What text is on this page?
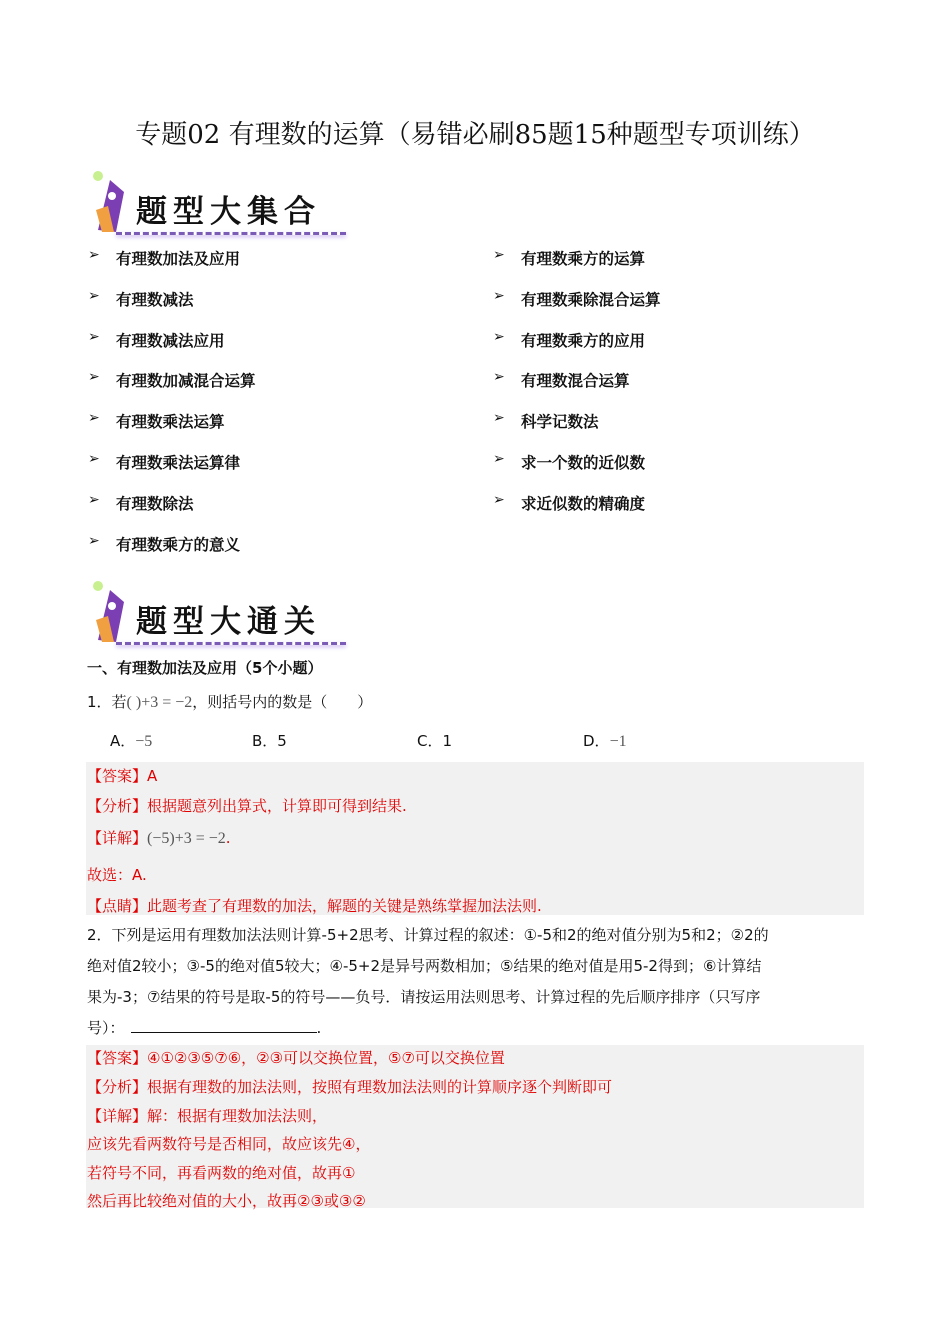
专题02 有理数的运算（易错必刷85题15种题型专项训练）
题型大集合
➢ 有理数加法及应用
➢ 有理数减法
➢ 有理数减法应用
➢ 有理数加减混合运算
➢ 有理数乘法运算
➢ 有理数乘法运算律
➢ 有理数除法
➢ 有理数乘方的意义
➢ 有理数乘方的运算
➢ 有理数乘除混合运算
➢ 有理数乘方的应用
➢ 有理数混合运算
➢ 科学记数法
➢ 求一个数的近似数
➢ 求近似数的精确度
题型大通关
一、有理数加法及应用（5个小题）
1．若( )+3 = −2，则括号内的数是（　　）
A．−5	B．5	C．1	D．−1
【答案】A
【分析】根据题意列出算式，计算即可得到结果.
【详解】(−5)+3 = −2.
故选：A.
【点睛】此题考查了有理数的加法，解题的关键是熟练掌握加法法则.
2．下列是运用有理数加法法则计算-5+2思考、计算过程的叙述：①-5和2的绝对值分别为5和2；②2的
绝对值2较小；③-5的绝对值5较大；④-5+2是异号两数相加；⑤结果的绝对值是用5-2得到；⑥计算结
果为-3；⑦结果的符号是取-5的符号——负号．请按运用法则思考、计算过程的先后顺序排序（只写序
号）：	.
【答案】④①②③⑤⑦⑥，②③可以交换位置，⑤⑦可以交换位置
【分析】根据有理数的加法法则，按照有理数加法法则的计算顺序逐个判断即可
【详解】解：根据有理数加法法则，
应该先看两数符号是否相同，故应该先④，
若符号不同，再看两数的绝对值，故再①
然后再比较绝对值的大小，故再②③或③②
